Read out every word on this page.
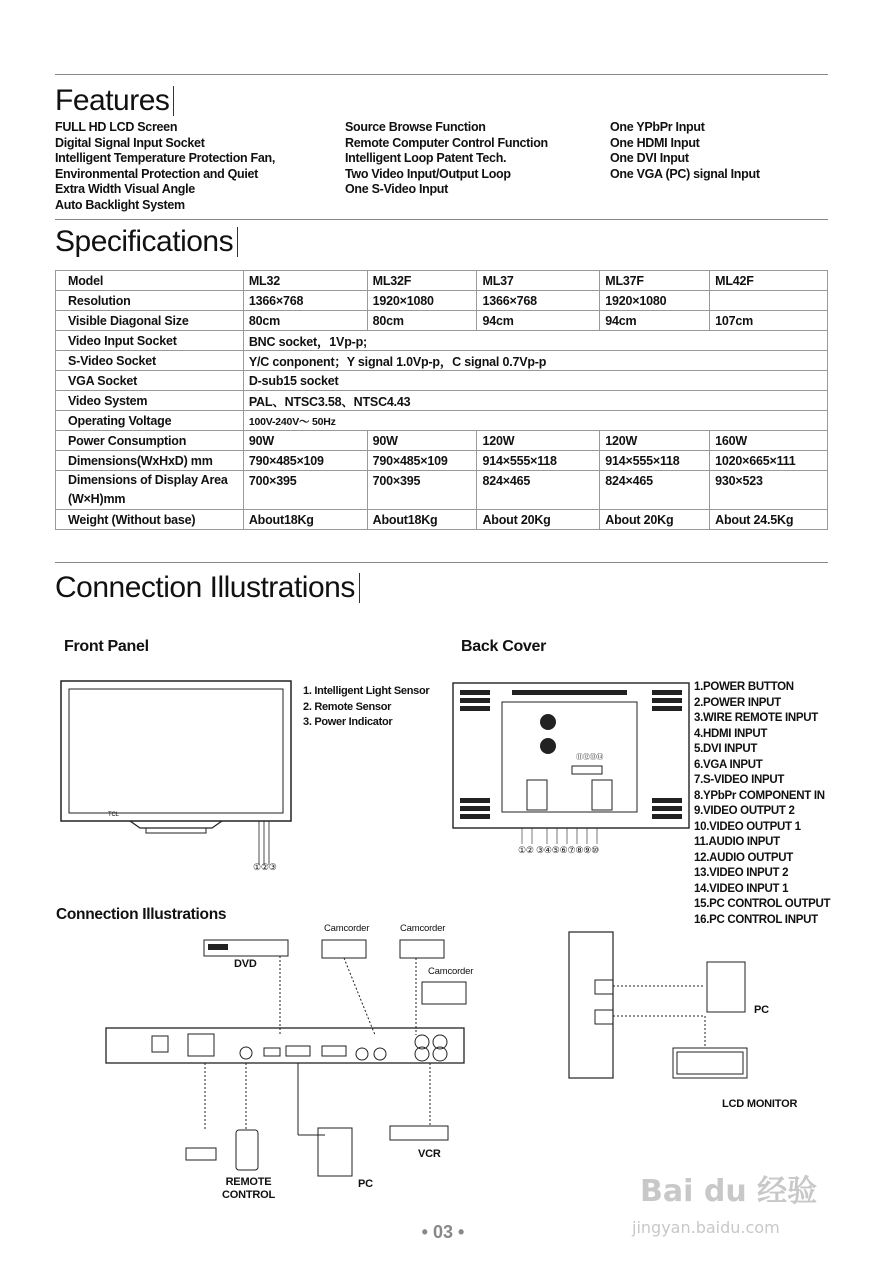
Features
FULL HD LCD Screen
Digital Signal Input Socket
Intelligent Temperature Protection Fan,
Environmental Protection and Quiet
Extra Width Visual Angle
Auto Backlight System
Source Browse Function
Remote Computer Control Function
Intelligent Loop Patent Tech.
Two Video Input/Output Loop
One S-Video Input
One YPbPr Input
One HDMI Input
One DVI Input
One VGA (PC) signal Input
Specifications
Model	ML32	ML32F	ML37	ML37F	ML42F
Resolution	1366×768	1920×1080	1366×768	1920×1080	
Visible Diagonal Size	80cm	80cm	94cm	94cm	107cm
Video Input Socket	BNC socket，1Vp-p;				
S-Video Socket	Y/C conponent；Y signal 1.0Vp-p，C signal 0.7Vp-p				
VGA Socket	D-sub15 socket				
Video System	PAL、NTSC3.58、NTSC4.43				
Operating Voltage	100V-240V～ 50Hz				
Power Consumption	90W	90W	120W	120W	160W
Dimensions(WxHxD) mm	790×485×109	790×485×109	914×555×118	914×555×118	1020×665×111
Dimensions of Display Area (W×H)mm	700×395	700×395	824×465	824×465	930×523
Weight (Without base)	About18Kg	About18Kg	About 20Kg	About 20Kg	About 24.5Kg
Connection Illustrations
Front Panel
TCL
①②③
1. Intelligent Light Sensor
2. Remote Sensor
3. Power Indicator
Back Cover
①② ③④⑤⑥⑦⑧⑨⑩
⑪⑫⑬⑭
1.POWER BUTTON
2.POWER INPUT
3.WIRE REMOTE INPUT
4.HDMI INPUT
5.DVI INPUT
6.VGA INPUT
7.S-VIDEO INPUT
8.YPbPr COMPONENT IN
9.VIDEO OUTPUT 2
10.VIDEO OUTPUT 1
11.AUDIO INPUT
12.AUDIO OUTPUT
13.VIDEO INPUT 2
14.VIDEO INPUT 1
15.PC CONTROL OUTPUT
16.PC CONTROL INPUT
Connection Illustrations
DVD
Camcorder	Camcorder
Camcorder
REMOTE
CONTROL
PC
VCR
PC
LCD MONITOR
• 03 •
Bai du 经验
jingyan.baidu.com
